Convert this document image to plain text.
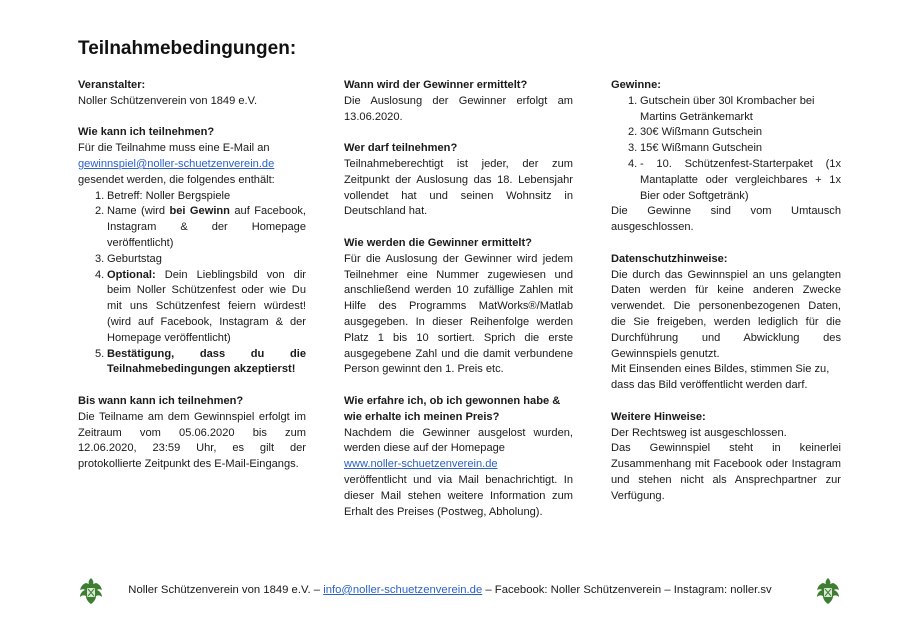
Teilnahmebedingungen:
Veranstalter:
Noller Schützenverein von 1849 e.V.
Wie kann ich teilnehmen?
Für die Teilnahme muss eine E-Mail an
gewinnspiel@noller-schuetzenverein.de
gesendet werden, die folgendes enthält:
1. Betreff: Noller Bergspiele
2. Name (wird bei Gewinn auf Facebook, Instagram & der Homepage veröffentlicht)
3. Geburtstag
4. Optional: Dein Lieblingsbild von dir beim Noller Schützenfest oder wie Du mit uns Schützenfest feiern würdest! (wird auf Facebook, Instagram & der Homepage veröffentlicht)
5. Bestätigung, dass du die Teilnahmebedingungen akzeptierst!
Bis wann kann ich teilnehmen?
Die Teilname am dem Gewinnspiel erfolgt im Zeitraum vom 05.06.2020 bis zum 12.06.2020, 23:59 Uhr, es gilt der protokollierte Zeitpunkt des E-Mail-Eingangs.
Wann wird der Gewinner ermittelt?
Die Auslosung der Gewinner erfolgt am 13.06.2020.
Wer darf teilnehmen?
Teilnahmeberechtigt ist jeder, der zum Zeitpunkt der Auslosung das 18. Lebensjahr vollendet hat und seinen Wohnsitz in Deutschland hat.
Wie werden die Gewinner ermittelt?
Für die Auslosung der Gewinner wird jedem Teilnehmer eine Nummer zugewiesen und anschließend werden 10 zufällige Zahlen mit Hilfe des Programms MatWorks®/Matlab ausgegeben. In dieser Reihenfolge werden Platz 1 bis 10 sortiert. Sprich die erste ausgegebene Zahl und die damit verbundene Person gewinnt den 1. Preis etc.
Wie erfahre ich, ob ich gewonnen habe & wie erhalte ich meinen Preis?
Nachdem die Gewinner ausgelost wurden, werden diese auf der Homepage
www.noller-schuetzenverein.de
veröffentlicht und via Mail benachrichtigt. In dieser Mail stehen weitere Information zum Erhalt des Preises (Postweg, Abholung).
Gewinne:
1. Gutschein über 30l Krombacher bei Martins Getränkemarkt
2. 30€ Wißmann Gutschein
3. 15€ Wißmann Gutschein
4. - 10. Schützenfest-Starterpaket (1x Mantaplatte oder vergleichbares + 1x Bier oder Softgetränk)
Die Gewinne sind vom Umtausch ausgeschlossen.
Datenschutzhinweise:
Die durch das Gewinnspiel an uns gelangten Daten werden für keine anderen Zwecke verwendet. Die personenbezogenen Daten, die Sie freigeben, werden lediglich für die Durchführung und Abwicklung des Gewinnspiels genutzt.
Mit Einsenden eines Bildes, stimmen Sie zu, dass das Bild veröffentlicht werden darf.
Weitere Hinweise:
Der Rechtsweg ist ausgeschlossen.
Das Gewinnspiel steht in keinerlei Zusammenhang mit Facebook oder Instagram und stehen nicht als Ansprechpartner zur Verfügung.
Noller Schützenverein von 1849 e.V. – info@noller-schuetzenverein.de – Facebook: Noller Schützenverein – Instagram: noller.sv
